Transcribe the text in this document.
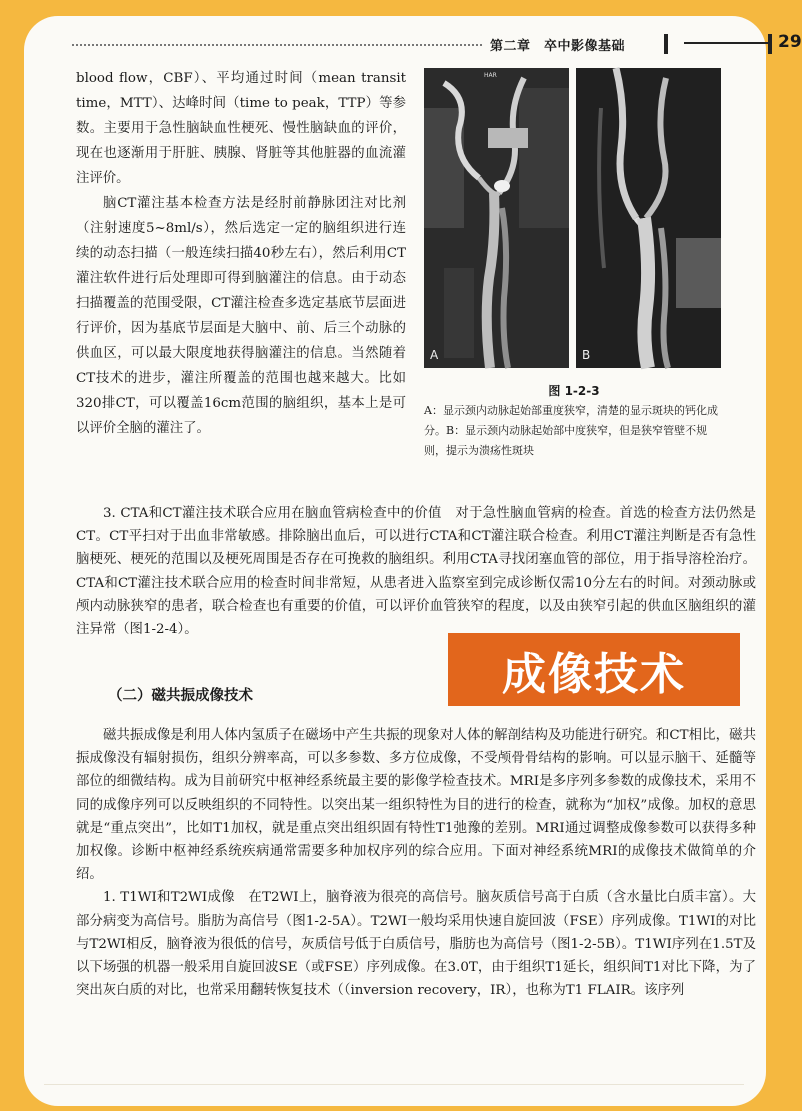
第二章　卒中影像基础	29

blood flow，CBF）、平均通过时间（mean transit time，MTT）、达峰时间（time to peak，TTP）等参数。主要用于急性脑缺血性梗死、慢性脑缺血的评价，现在也逐渐用于肝脏、胰腺、肾脏等其他脏器的血流灌注评价。

脑CT灌注基本检查方法是经肘前静脉团注对比剂（注射速度5~8ml/s），然后选定一定的脑组织进行连续的动态扫描（一般连续扫描40秒左右），然后利用CT灌注软件进行后处理即可得到脑灌注的信息。由于动态扫描覆盖的范围受限，CT灌注检查多选定基底节层面进行评价，因为基底节层面是大脑中、前、后三个动脉的供血区，可以最大限度地获得脑灌注的信息。当然随着CT技术的进步，灌注所覆盖的范围也越来越大。比如320排CT，可以覆盖16cm范围的脑组织，基本上是可以评价全脑的灌注了。

HAR
A	B
图 1-2-3
A：显示颈内动脉起始部重度狭窄，清楚的显示斑块的钙化成分。B：显示颈内动脉起始部中度狭窄，但是狭窄管壁不规则，提示为溃疡性斑块

3. CTA和CT灌注技术联合应用在脑血管病检查中的价值　对于急性脑血管病的检查。首选的检查方法仍然是CT。CT平扫对于出血非常敏感。排除脑出血后，可以进行CTA和CT灌注联合检查。利用CT灌注判断是否有急性脑梗死、梗死的范围以及梗死周围是否存在可挽救的脑组织。利用CTA寻找闭塞血管的部位，用于指导溶栓治疗。CTA和CT灌注技术联合应用的检查时间非常短，从患者进入监察室到完成诊断仅需10分左右的时间。对颈动脉或颅内动脉狭窄的患者，联合检查也有重要的价值，可以评价血管狭窄的程度，以及由狭窄引起的供血区脑组织的灌注异常（图1-2-4）。

（二）磁共振成像技术	成像技术

磁共振成像是利用人体内氢质子在磁场中产生共振的现象对人体的解剖结构及功能进行研究。和CT相比，磁共振成像没有辐射损伤，组织分辨率高，可以多参数、多方位成像，不受颅骨骨结构的影响。可以显示脑干、延髓等部位的细微结构。成为目前研究中枢神经系统最主要的影像学检查技术。MRI是多序列多参数的成像技术，采用不同的成像序列可以反映组织的不同特性。以突出某一组织特性为目的进行的检查，就称为“加权”成像。加权的意思就是“重点突出”，比如T1加权，就是重点突出组织固有特性T1弛豫的差别。MRI通过调整成像参数可以获得多种加权像。诊断中枢神经系统疾病通常需要多种加权序列的综合应用。下面对神经系统MRI的成像技术做简单的介绍。

1. T1WI和T2WI成像　在T2WI上，脑脊液为很亮的高信号。脑灰质信号高于白质（含水量比白质丰富）。大部分病变为高信号。脂肪为高信号（图1-2-5A）。T2WI一般均采用快速自旋回波（FSE）序列成像。T1WI的对比与T2WI相反，脑脊液为很低的信号，灰质信号低于白质信号，脂肪也为高信号（图1-2-5B）。T1WI序列在1.5T及以下场强的机器一般采用自旋回波SE（或FSE）序列成像。在3.0T，由于组织T1延长，组织间T1对比下降，为了突出灰白质的对比，也常采用翻转恢复技术（（inversion recovery，IR），也称为T1 FLAIR。该序列
